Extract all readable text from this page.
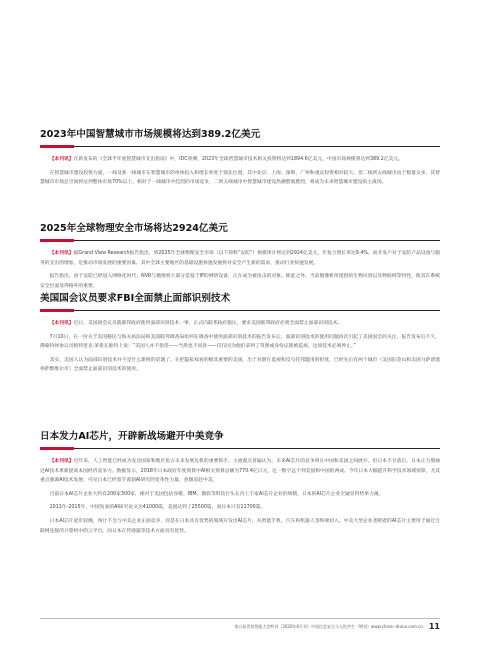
2023年中国智慧城市市场规模将达到389.2亿美元

【本刊讯】在新发布的《全球半年度智慧城市支出指南》中，IDC预测，2023年全球智慧城市技术相关投资将达到1894.6亿美元，中国市场规模将达到389.2亿美元。

在智慧城市建设投资方面，一线及新一线城市在智慧城市的单体投入和增长率处于领先位置，其中北京、上海、深圳、广州和重庆投资相对较大。但二线到五线城市由于数量众多，其智慧城市市场总空间将达到整体市场70%以上。相对于一线城市中趋烈的市场竞争，二到五线城市中智慧城市建设热潮愈演愈烈，将成为未来智慧城市建设的主战场。

2025年全球物理安全市场将达2924亿美元

【本刊讯】据Grand View Research报告指出，到2025年全球物理安全市场（以下简称“安防”）规模预计将达到2924亿美元，年复合增长率达9.4%。而开发户对于安防产品设备与服务的支出的增加，是推动市场发展的重要因素。其中全球主要地区的基础设施快速发展将对安全产生新的需求，推动行业快速发展。

报告指出，由于安防已经进入网络化时代，NVR与摄像机大部分是基于IP的网络设备，正在成为被攻击的对象。除此之外，当前摄像机所提供的生物识别以及物联网等特性，使其在系统安全层面显得格外的重要。

美国国会议员要求FBI全面禁止面部识别技术

【本刊讯】近日，美国国会议员就联邦政府使用面部识别技术一事，正式向联邦政府施压，要求美国联邦政府必须全面禁止面部识别技术。

7月10日，在一份关于美国移民与海关执法局和美国联邦调查局如何在调查中使用面部识别技术的报告发布后，面部识别技术的使用问题再次引起了美国国会的关注。报告发布后不久，佛蒙特州参议员帕特里克·莱希在推特上说：“美国人并不指望——当然也不同意——仅仅因为他们拿到了驾照或身份证就被监视。这项技术必须停止。”

其实，美国人认为面部识别技术并不是什么新鲜的话题了。在把隐私权看的极其重要的美国，出于对潜在监视和反乌托邦滥用的担忧，已经先后有两个城市（美国旧金山和美国马萨诸塞州萨默维尔市）全面禁止面部识别技术的使用。

日本发力AI芯片，开辟新战场避开中美竞争

【本刊讯】近年来，人工智能已经成为发达国家和地区抢占未来发展先机的重要抓手。主流观点普遍认为，未来AI芯片的竞争将在中国和美国之间展开。但日本不甘落后，日本正力图通过AI技术革新提高本国经济竞争力。数据显示，2018年日本政府年度预算中AI相关预算总额为770.4亿日元，这一数字远不到美国和中国的两成。今年日本大幅提升科学技术领域预算，尤其重点强调AI技术发展，可见日本已经着手谋划AI研究的变革性力量，意图追赶中美。

目前日本AI芯片企业大约有200家300家，相对于美国包括谷歌、IBM、微软等科技巨头在内上千家AI芯片企业的规模，日本的AI芯片企业无疑显得势单力薄。

2011年-2015年，中国发表的AI研究论文达41000篇，美国达到了25500篇，而日本只有11700篇。

日本AI芯片起步较晚，预计不会与中美企业正面竞争，而是在日本具有优势的领域开发出AI芯片，从智能手机、汽车和机器人等终端切入。中美大型企业垄断着的AI芯片主要用于通过互联网连接的计算机中的云平台。而日本在传感器等技术方面具有优势。

第五届世界智能大会特刊（2020年6月刊）中国信息安全与人机共生（增刊）www.china--drone.com.cn 11
